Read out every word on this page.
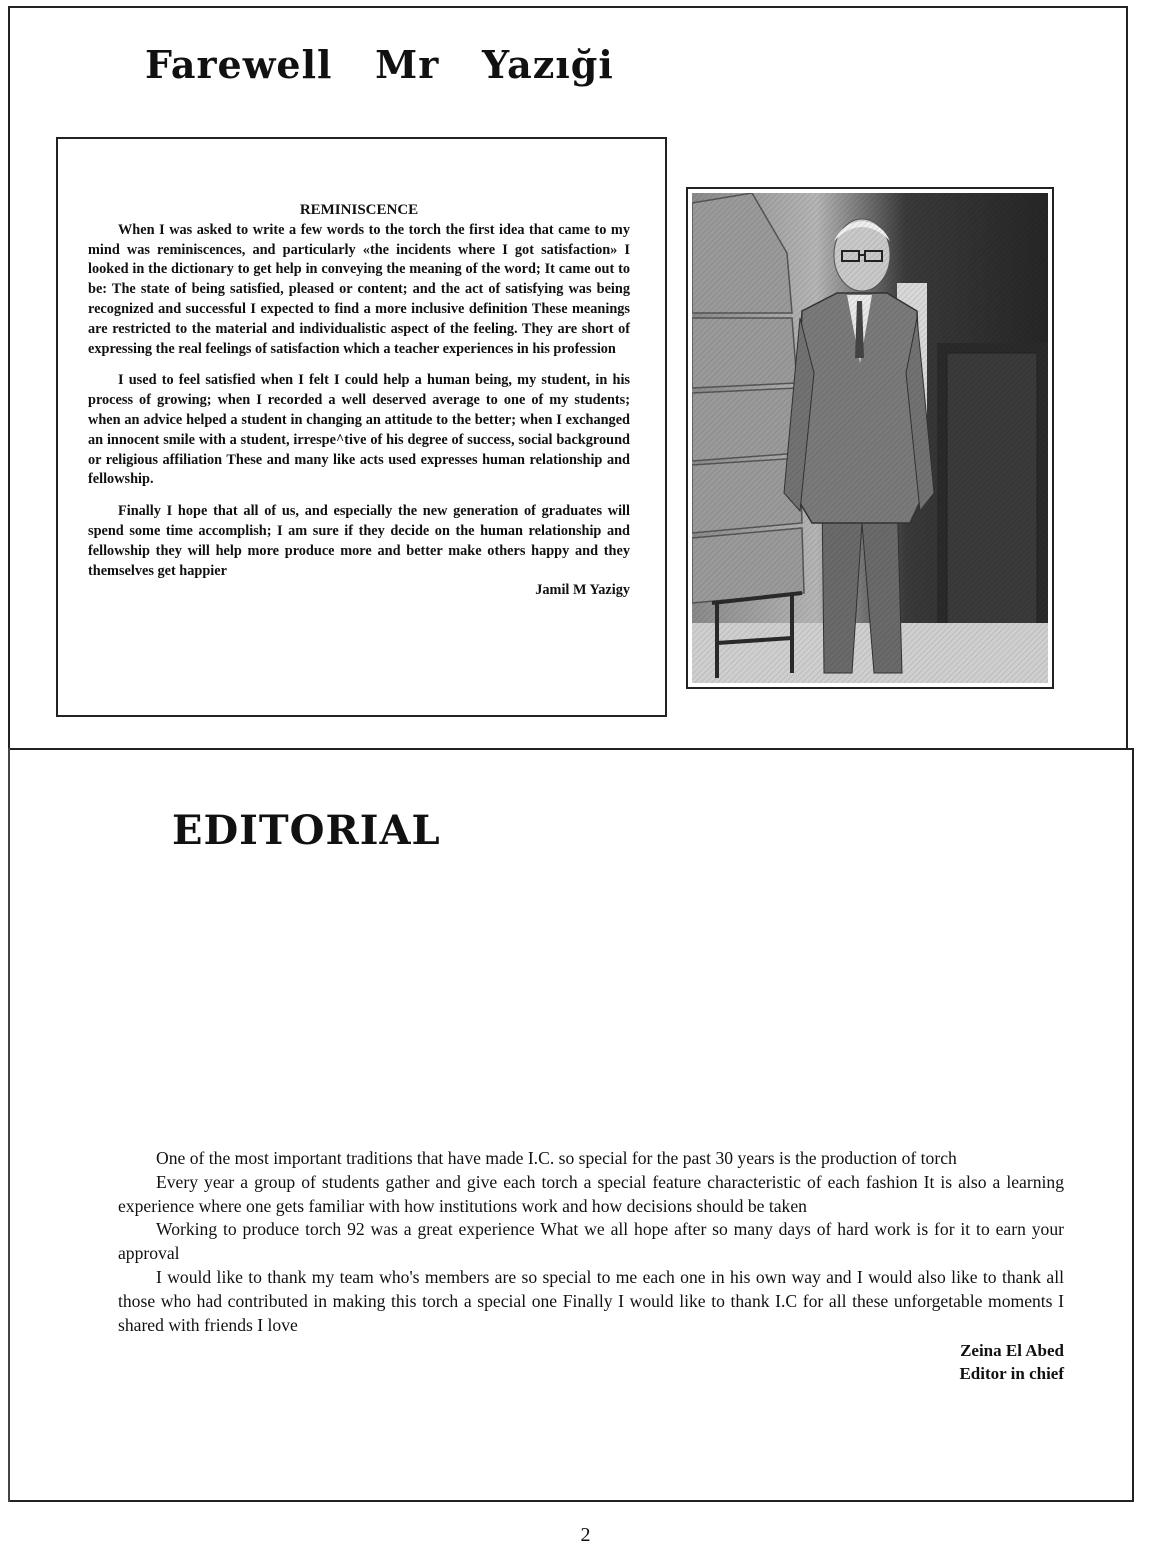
Farewell   Mr   Yazıği
REMINISCENCE

When I was asked to write a few words to the torch the first idea that came to my mind was reminiscences, and particularly «the incidents where I got satisfaction» I looked in the dictionary to get help in conveying the meaning of the word; It came out to be: The state of being satisfied, pleased or content; and the act of satisfying was being recognized and successful I expected to find a more inclusive definition These meanings are restricted to the material and individualistic aspect of the feeling. They are short of expressing the real feelings of satisfaction which a teacher experiences in his profession

I used to feel satisfied when I felt I could help a human being, my student, in his process of growing; when I recorded a well deserved average to one of my students; when an advice helped a student in changing an attitude to the better; when I exchanged an innocent smile with a student, irrespe^tive of his degree of success, social background or religious affiliation These and many like acts used expresses human relationship and fellowship.

Finally I hope that all of us, and especially the new generation of graduates will spend some time accomplish; I am sure if they decide on the human relationship and fellowship they will help more produce more and better make others happy and they themselves get happier

Jamil M Yazigy
EDITORIAL

One of the most important traditions that have made I.C. so special for the past 30 years is the production of torch

Every year a group of students gather and give each torch a special feature characteristic of each fashion It is also a learning experience where one gets familiar with how institutions work and how decisions should be taken

Working to produce torch 92 was a great experience What we all hope after so many days of hard work is for it to earn your approval

I would like to thank my team who's members are so special to me each one in his own way and I would also like to thank all those who had contributed in making this torch a special one Finally I would like to thank I.C for all these unforgetable moments I shared with friends I love

Zeina El Abed
Editor in chief
2
